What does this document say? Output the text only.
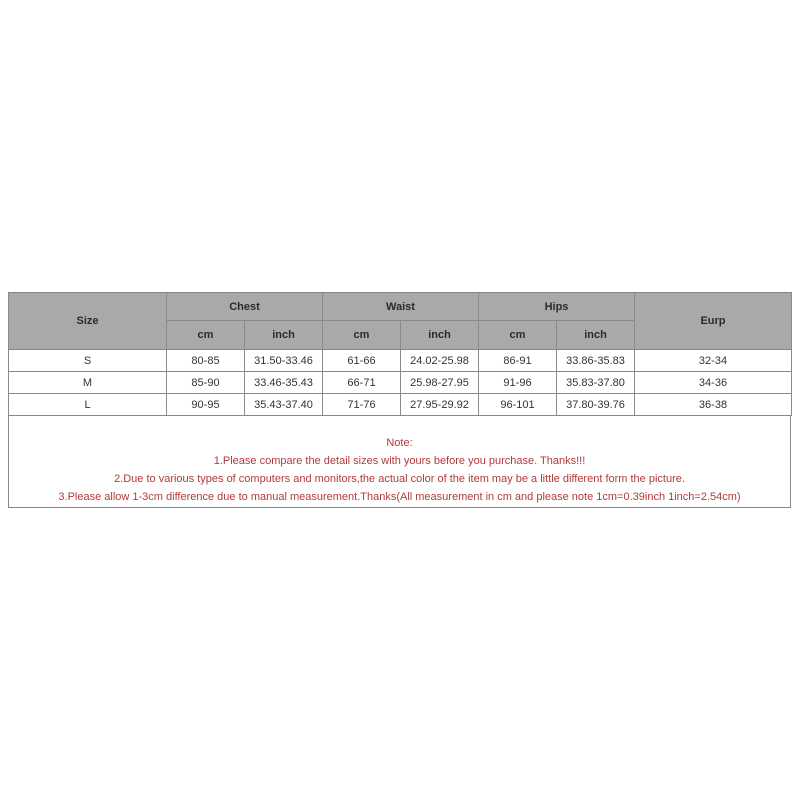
Size	Chest		Waist		Hips		Eurp
	cm	inch	cm	inch	cm	inch	
S	80-85	31.50-33.46	61-66	24.02-25.98	86-91	33.86-35.83	32-34
M	85-90	33.46-35.43	66-71	25.98-27.95	91-96	35.83-37.80	34-36
L	90-95	35.43-37.40	71-76	27.95-29.92	96-101	37.80-39.76	36-38
Note:
1.Please compare the detail sizes with yours before you purchase. Thanks!!!
2.Due to various types of computers and monitors,the actual color of the item may be a little different form the picture.
3.Please allow 1-3cm difference due to manual measurement.Thanks(All measurement in cm and please note 1cm=0.39inch 1inch=2.54cm)
